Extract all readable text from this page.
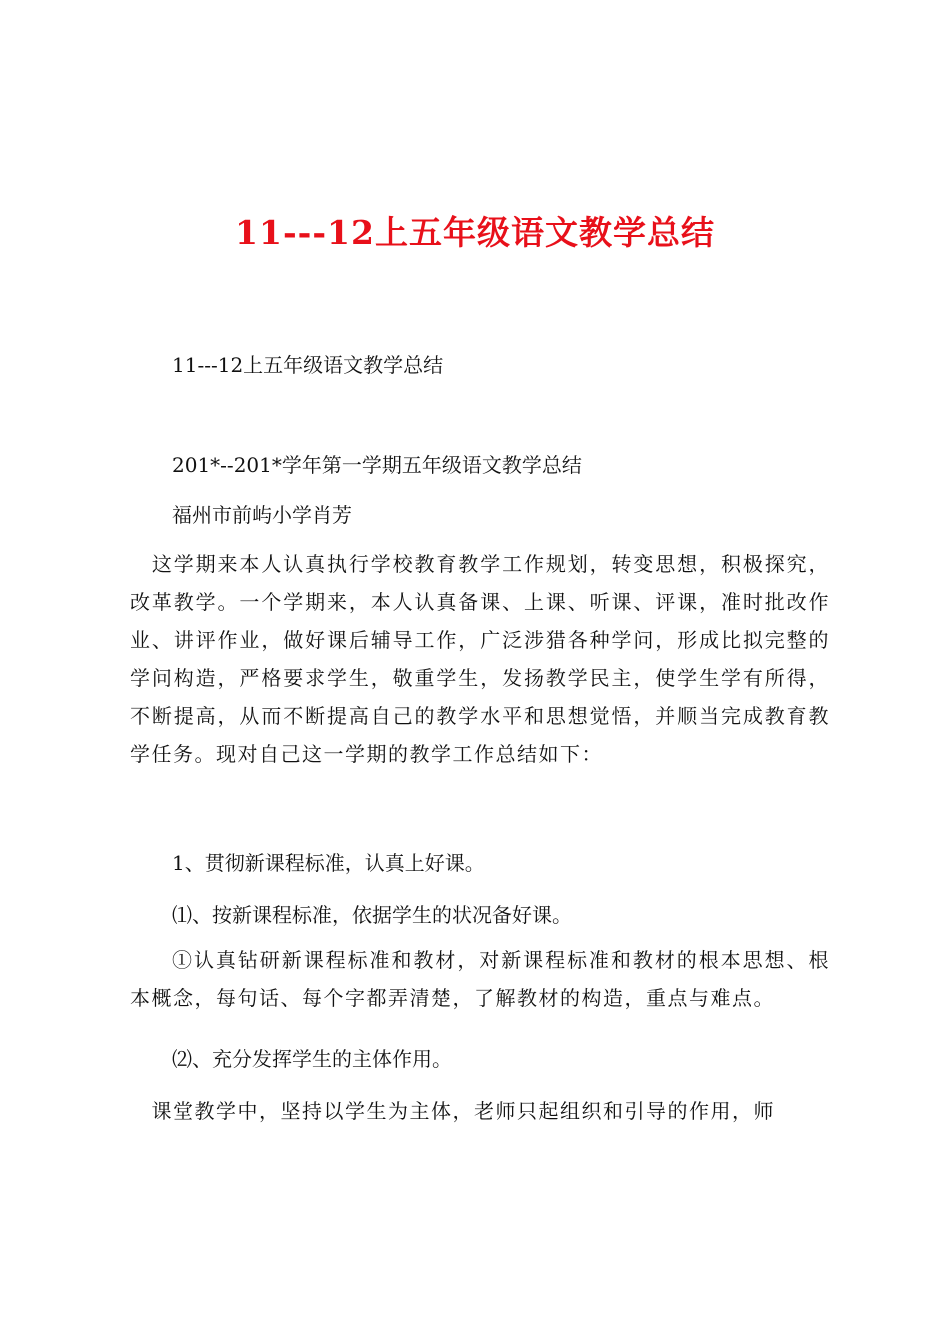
11---12上五年级语文教学总结
11---12上五年级语文教学总结
201*--201*学年第一学期五年级语文教学总结
福州市前屿小学肖芳
　这学期来本人认真执行学校教育教学工作规划，转变思想，积极探究，改革教学。一个学期来，本人认真备课、上课、听课、评课，准时批改作业、讲评作业，做好课后辅导工作，广泛涉猎各种学问，形成比拟完整的学问构造，严格要求学生，敬重学生，发扬教学民主，使学生学有所得，不断提高，从而不断提高自己的教学水平和思想觉悟，并顺当完成教育教学任务。现对自己这一学期的教学工作总结如下：
1、贯彻新课程标准，认真上好课。
⑴、按新课程标准，依据学生的状况备好课。
①认真钻研新课程标准和教材，对新课程标准和教材的根本思想、根本概念，每句话、每个字都弄清楚，了解教材的构造，重点与难点。
⑵、充分发挥学生的主体作用。
　课堂教学中，坚持以学生为主体，老师只起组织和引导的作用，师
